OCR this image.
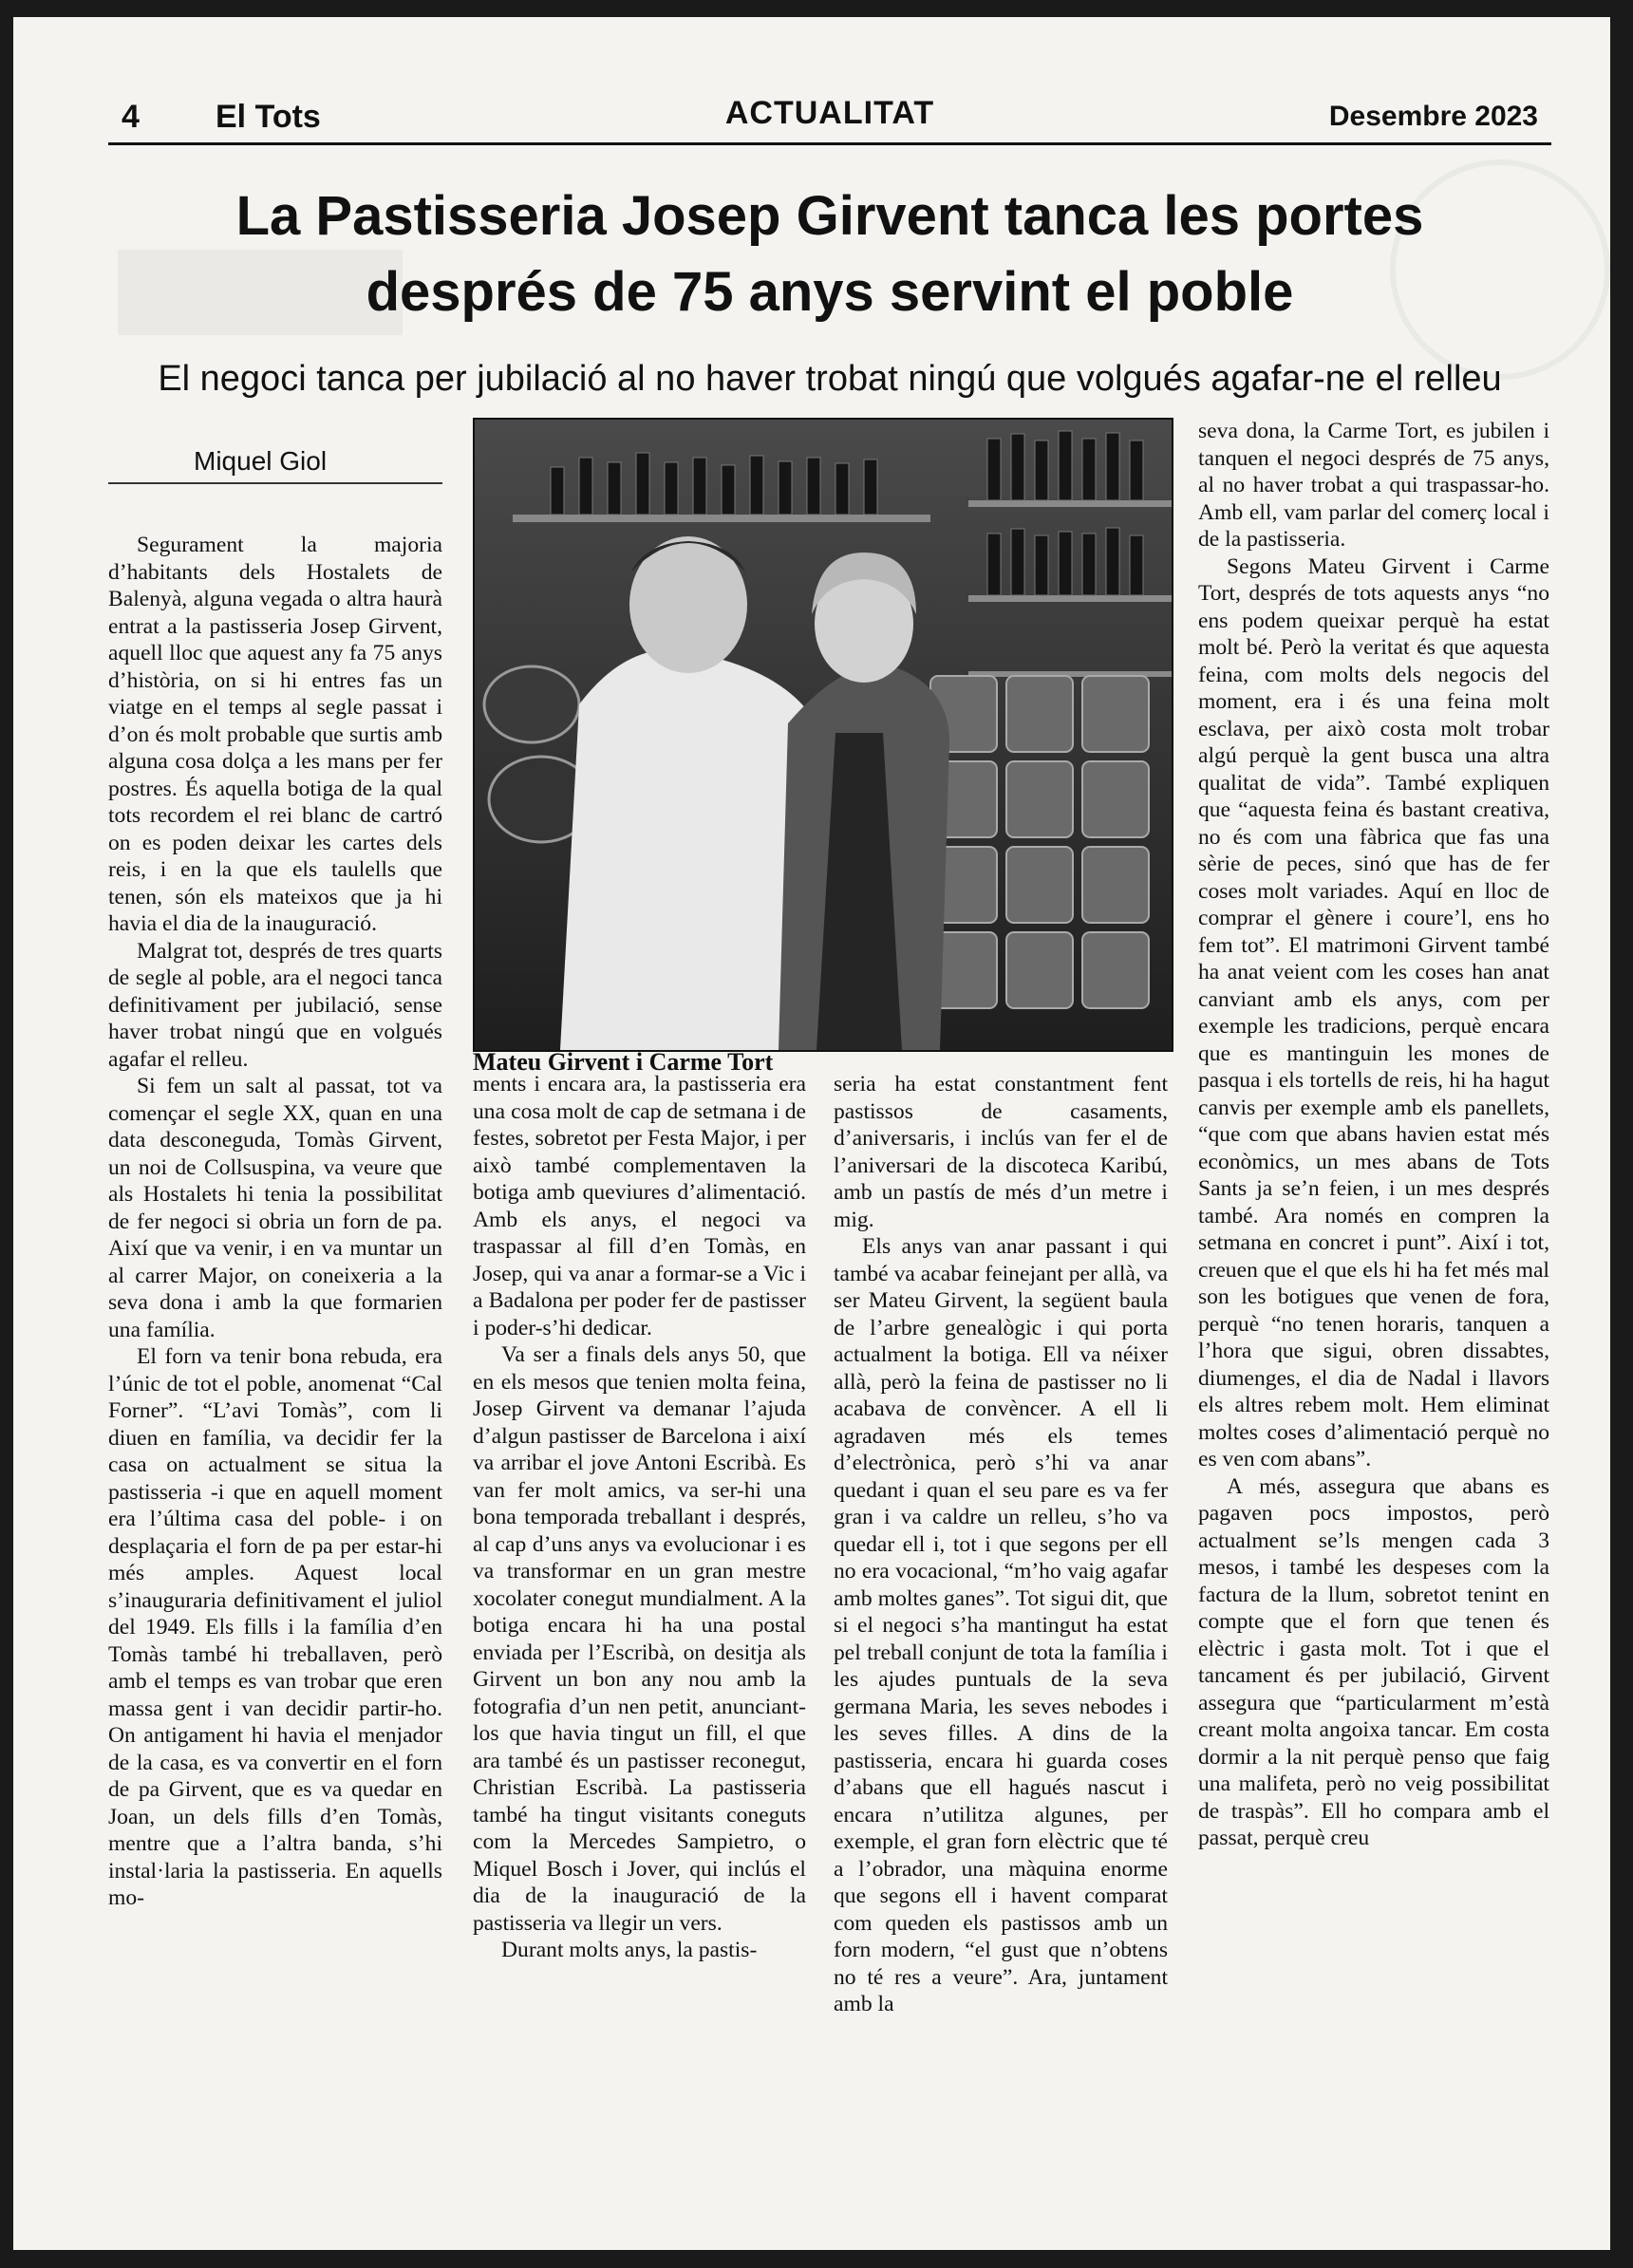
4 El Tots	ACTUALITAT	Desembre 2023
La Pastisseria Josep Girvent tanca les portes
després de 75 anys servint el poble
El negoci tanca per jubilació al no haver trobat ningú que volgués agafar-ne el relleu
Miquel Giol

Segurament la majoria d’habitants dels Hostalets de Balenyà, alguna vegada o altra haurà entrat a la pastisseria Josep Girvent, aquell lloc que aquest any fa 75 anys d’història, on si hi entres fas un viatge en el temps al segle passat i d’on és molt probable que surtis amb alguna cosa dolça a les mans per fer postres. És aquella botiga de la qual tots recordem el rei blanc de cartró on es poden deixar les cartes dels reis, i en la que els taulells que tenen, són els mateixos que ja hi havia el dia de la inauguració.

Malgrat tot, després de tres quarts de segle al poble, ara el negoci tanca definitivament per jubilació, sense haver trobat ningú que en volgués agafar el relleu.

Si fem un salt al passat, tot va començar el segle XX, quan en una data desconeguda, Tomàs Girvent, un noi de Collsuspina, va veure que als Hostalets hi tenia la possibilitat de fer negoci si obria un forn de pa. Així que va venir, i en va muntar un al carrer Major, on coneixeria a la seva dona i amb la que formarien una família.

El forn va tenir bona rebuda, era l’únic de tot el poble, anomenat “Cal Forner”. “L’avi Tomàs”, com li diuen en família, va decidir fer la casa on actualment se situa la pastisseria -i que en aquell moment era l’última casa del poble- i on desplaçaria el forn de pa per estar-hi més amples. Aquest local s’inauguraria definitivament el juliol del 1949. Els fills i la família d’en Tomàs també hi treballaven, però amb el temps es van trobar que eren massa gent i van decidir partir-ho. On antigament hi havia el menjador de la casa, es va convertir en el forn de pa Girvent, que es va quedar en Joan, un dels fills d’en Tomàs, mentre que a l’altra banda, s’hi instal·laria la pastisseria. En aquells mo-

ments i encara ara, la pastisseria era una cosa molt de cap de setmana i de festes, sobretot per Festa Major, i per això també complementaven la botiga amb queviures d’alimentació. Amb els anys, el negoci va traspassar al fill d’en Tomàs, en Josep, qui va anar a formar-se a Vic i a Badalona per poder fer de pastisser i poder-s’hi dedicar.

Va ser a finals dels anys 50, que en els mesos que tenien molta feina, Josep Girvent va demanar l’ajuda d’algun pastisser de Barcelona i així va arribar el jove Antoni Escribà. Es van fer molt amics, va ser-hi una bona temporada treballant i després, al cap d’uns anys va evolucionar i es va transformar en un gran mestre xocolater conegut mundialment. A la botiga encara hi ha una postal enviada per l’Escribà, on desitja als Girvent un bon any nou amb la fotografia d’un nen petit, anunciant-los que havia tingut un fill, el que ara també és un pastisser reconegut, Christian Escribà. La pastisseria també ha tingut visitants coneguts com la Mercedes Sampietro, o Miquel Bosch i Jover, qui inclús el dia de la inauguració de la pastisseria va llegir un vers.

Durant molts anys, la pastis-

seria ha estat constantment fent pastissos de casaments, d’aniversaris, i inclús van fer el de l’aniversari de la discoteca Karibú, amb un pastís de més d’un metre i mig.

Els anys van anar passant i qui també va acabar feinejant per allà, va ser Mateu Girvent, la següent baula de l’arbre genealògic i qui porta actualment la botiga. Ell va néixer allà, però la feina de pastisser no li acabava de convèncer. A ell li agradaven més els temes d’electrònica, però s’hi va anar quedant i quan el seu pare es va fer gran i va caldre un relleu, s’ho va quedar ell i, tot i que segons per ell no era vocacional, “m’ho vaig agafar amb moltes ganes”. Tot sigui dit, que si el negoci s’ha mantingut ha estat pel treball conjunt de tota la família i les ajudes puntuals de la seva germana Maria, les seves nebodes i les seves filles. A dins de la pastisseria, encara hi guarda coses d’abans que ell hagués nascut i encara n’utilitza algunes, per exemple, el gran forn elèctric que té a l’obrador, una màquina enorme que segons ell i havent comparat com queden els pastissos amb un forn modern, “el gust que n’obtens no té res a veure”. Ara, juntament amb la

seva dona, la Carme Tort, es jubilen i tanquen el negoci després de 75 anys, al no haver trobat a qui traspassar-ho. Amb ell, vam parlar del comerç local i de la pastisseria.

Segons Mateu Girvent i Carme Tort, després de tots aquests anys “no ens podem queixar perquè ha estat molt bé. Però la veritat és que aquesta feina, com molts dels negocis del moment, era i és una feina molt esclava, per això costa molt trobar algú perquè la gent busca una altra qualitat de vida”. També expliquen que “aquesta feina és bastant creativa, no és com una fàbrica que fas una sèrie de peces, sinó que has de fer coses molt variades. Aquí en lloc de comprar el gènere i coure’l, ens ho fem tot”. El matrimoni Girvent també ha anat veient com les coses han anat canviant amb els anys, com per exemple les tradicions, perquè encara que es mantinguin les mones de pasqua i els tortells de reis, hi ha hagut canvis per exemple amb els panellets, “que com que abans havien estat més econòmics, un mes abans de Tots Sants ja se’n feien, i un mes després també. Ara només en compren la setmana en concret i punt”. Així i tot, creuen que el que els hi ha fet més mal son les botigues que venen de fora, perquè “no tenen horaris, tanquen a l’hora que sigui, obren dissabtes, diumenges, el dia de Nadal i llavors els altres rebem molt. Hem eliminat moltes coses d’alimentació perquè no es ven com abans”.

A més, assegura que abans es pagaven pocs impostos, però actualment se’ls mengen cada 3 mesos, i també les despeses com la factura de la llum, sobretot tenint en compte que el forn que tenen és elèctric i gasta molt. Tot i que el tancament és per jubilació, Girvent assegura que “particularment m’està creant molta angoixa tancar. Em costa dormir a la nit perquè penso que faig una malifeta, però no veig possibilitat de traspàs”. Ell ho compara amb el passat, perquè creu

Mateu Girvent i Carme Tort
